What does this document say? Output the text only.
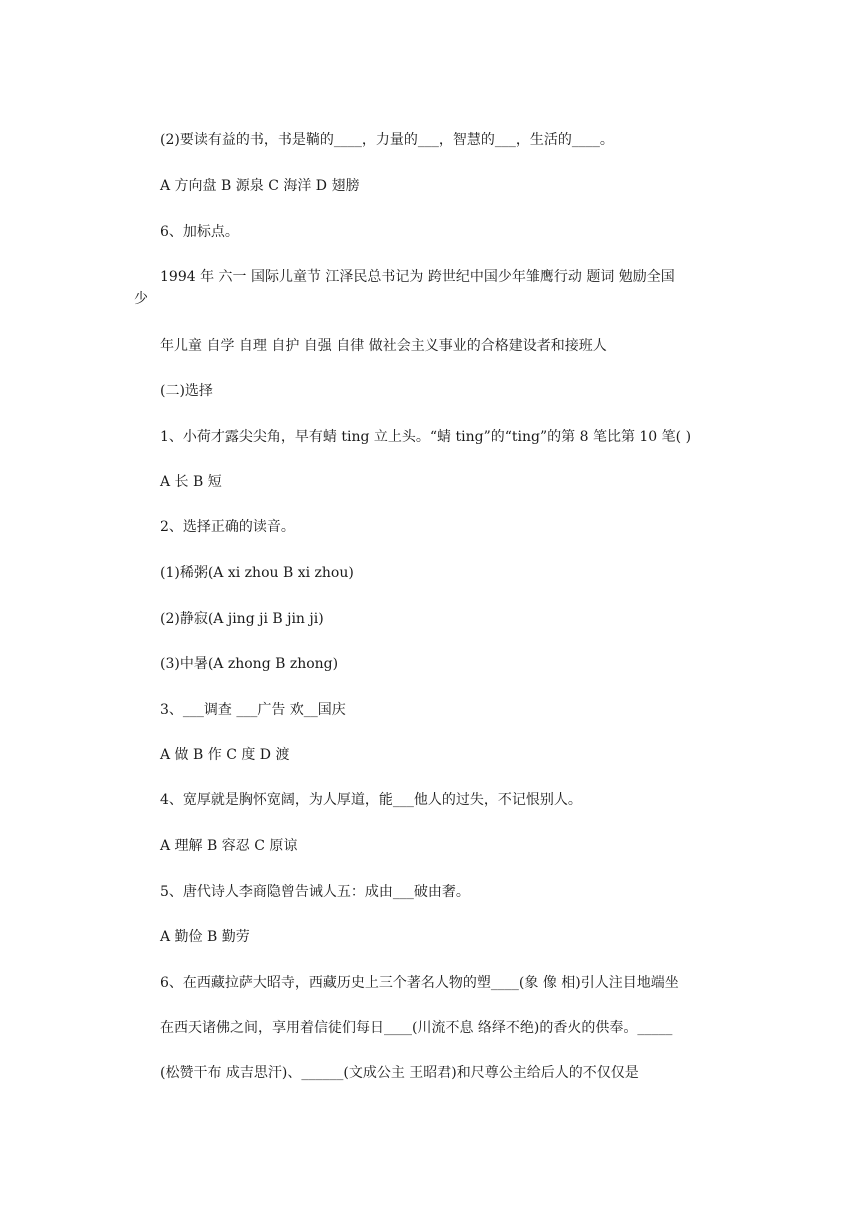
(2)要读有益的书，书是鞝的____，力量的___，智慧的___，生活的____。
A 方向盘 B 源泉 C 海洋 D 翅膀
6、加标点。
1994 年 六一 国际儿童节 江泽民总书记为 跨世纪中国少年雏鹰行动 题词 勉励全国
少
年儿童 自学 自理 自护 自强 自律 做社会主义事业的合格建设者和接班人
(二)选择
1、小荷才露尖尖角，早有蜻 ting 立上头。“蜻 ting”的“ting”的第 8 笔比第 10 笔( )
A 长 B 短
2、选择正确的读音。
(1)稀粥(A xi zhou B xi zhou)
(2)静寂(A jing ji B jin ji)
(3)中暑(A zhong B zhong)
3、___调查 ___广告 欢__国庆
A 做 B 作 C 度 D 渡
4、宽厚就是胸怀宽阔，为人厚道，能___他人的过失，不记恨别人。
A 理解 B 容忍 C 原谅
5、唐代诗人李商隐曾告诫人五：成由___破由奢。
A 勤俭 B 勤劳
6、在西藏拉萨大昭寺，西藏历史上三个著名人物的塑____(象 像 相)引人注目地端坐
在西天诸佛之间，享用着信徒们每日____(川流不息 络绎不绝)的香火的供奉。_____
(松赞干布 成吉思汗)、______(文成公主 王昭君)和尺尊公主给后人的不仅仅是
